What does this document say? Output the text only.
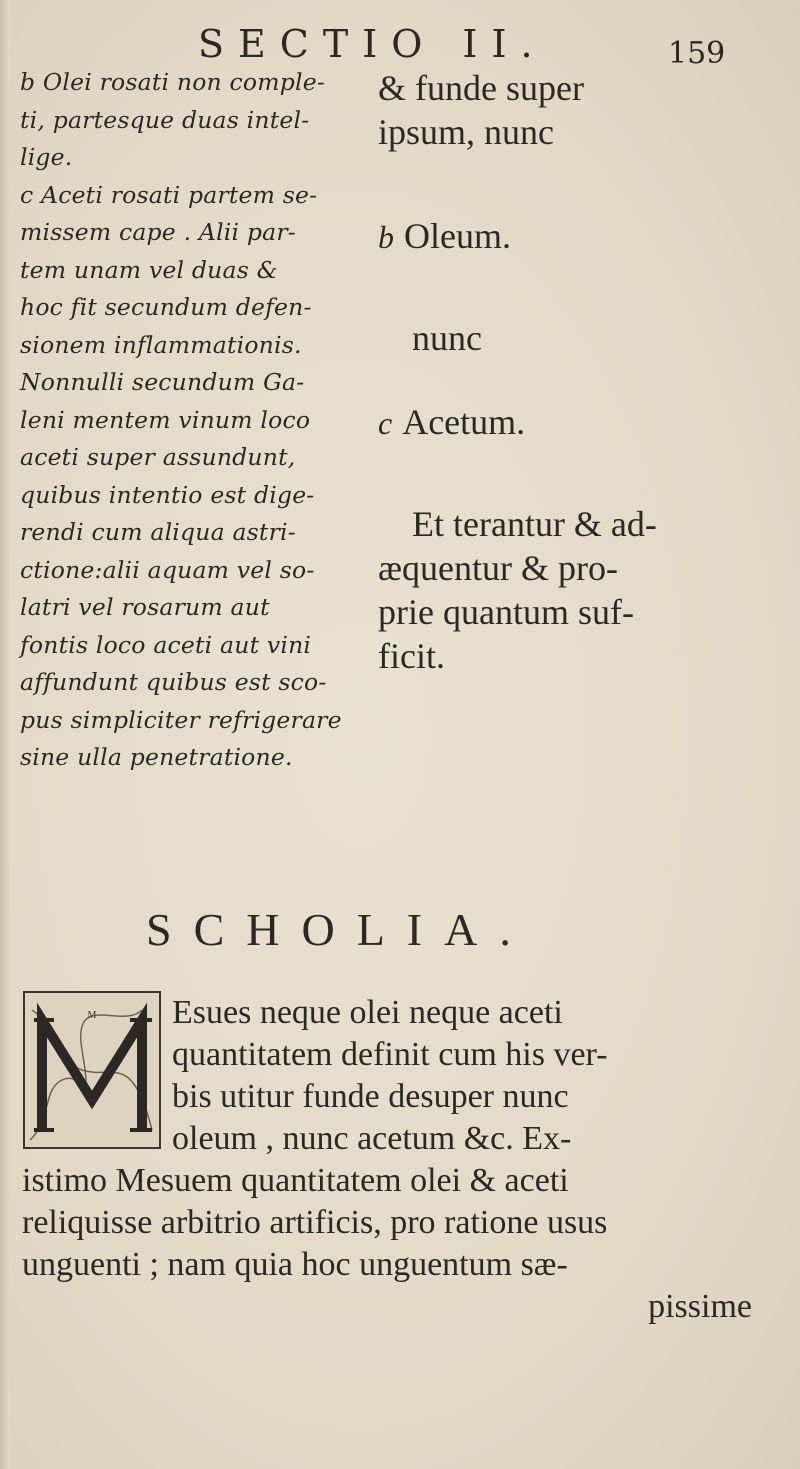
SECTIO II.	159
b Olei rosati non comple-
ti, partesque duas intel-
lige.
c Aceti rosati partem se-
missem cape . Alii par-
tem unam vel duas &
hoc fit secundum defen-
sionem inflammationis.
Nonnulli secundum Ga-
leni mentem vinum loco
aceti super assundunt,
quibus intentio est dige-
rendi cum aliqua astri-
ctione:alii aquam vel so-
latri vel rosarum aut
fontis loco aceti aut vini
affundunt quibus est sco-
pus simpliciter refrigerare
sine ulla penetratione.
& funde super
ipsum, nunc
b Oleum.
nunc
c Acetum.
Et terantur & ad-
æquentur & pro-
prie quantum suf-
ficit.
SCHOLIA.
M	Esues neque olei neque aceti
quantitatem definit cum his ver-
bis utitur funde desuper nunc
oleum , nunc acetum &c. Ex-
istimo Mesuem quantitatem olei & aceti
reliquisse arbitrio artificis, pro ratione usus
unguenti ; nam quia hoc unguentum sæ-
pissime
